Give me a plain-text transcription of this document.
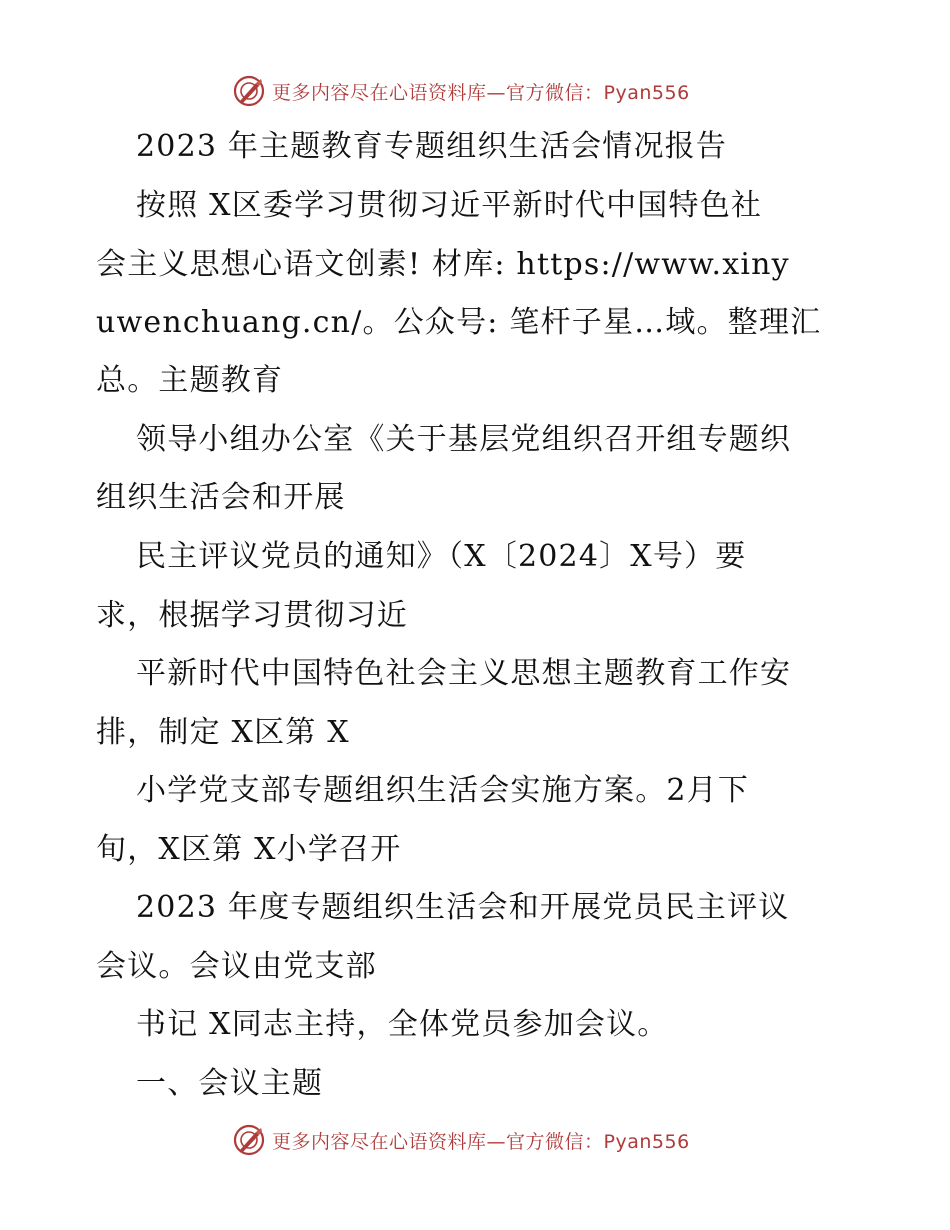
更多内容尽在心语资料库—官方微信：Pyan556

2023 年主题教育专题组织生活会情况报告

按照 X区委学习贯彻习近平新时代中国特色社

会主义思想心语文创素! 材库: https://www.xiny

uwenchuang.cn/。公众号: 笔杆子星…域。整理汇

总。主题教育

领导小组办公室《关于基层党组织召开组专题织

组织生活会和开展

民主评议党员的通知》（X〔2024〕X号）要

求，根据学习贯彻习近

平新时代中国特色社会主义思想主题教育工作安

排，制定 X区第 X

小学党支部专题组织生活会实施方案。2月下

旬，X区第 X小学召开

2023 年度专题组织生活会和开展党员民主评议

会议。会议由党支部

书记 X同志主持，全体党员参加会议。

一、会议主题

更多内容尽在心语资料库—官方微信：Pyan556
